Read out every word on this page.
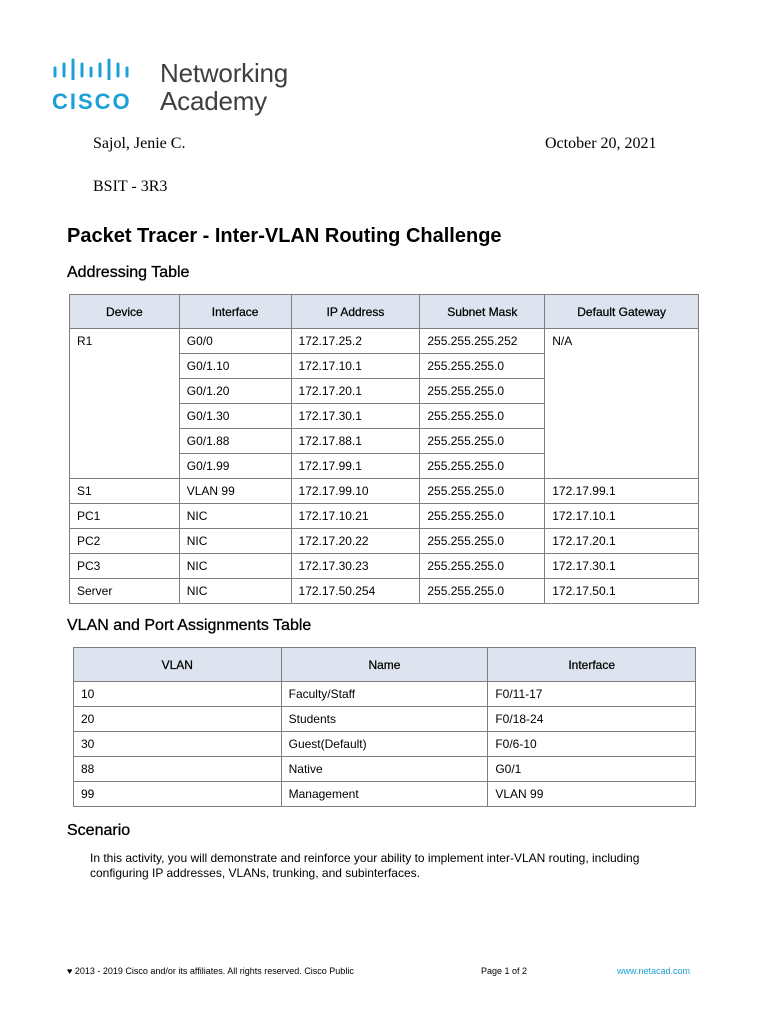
CISCO
Networking
Academy
Sajol, Jenie C.	October 20, 2021
BSIT - 3R3
Packet Tracer - Inter-VLAN Routing Challenge
Addressing Table
Device	Interface	IP Address	Subnet Mask	Default Gateway
R1	G0/0	172.17.25.2	255.255.255.252	N/A
	G0/1.10	172.17.10.1	255.255.255.0	
	G0/1.20	172.17.20.1	255.255.255.0	
	G0/1.30	172.17.30.1	255.255.255.0	
	G0/1.88	172.17.88.1	255.255.255.0	
	G0/1.99	172.17.99.1	255.255.255.0	
S1	VLAN 99	172.17.99.10	255.255.255.0	172.17.99.1
PC1	NIC	172.17.10.21	255.255.255.0	172.17.10.1
PC2	NIC	172.17.20.22	255.255.255.0	172.17.20.1
PC3	NIC	172.17.30.23	255.255.255.0	172.17.30.1
Server	NIC	172.17.50.254	255.255.255.0	172.17.50.1
VLAN and Port Assignments Table
VLAN	Name	Interface
10	Faculty/Staff	F0/11-17
20	Students	F0/18-24
30	Guest(Default)	F0/6-10
88	Native	G0/1
99	Management	VLAN 99
Scenario

In this activity, you will demonstrate and reinforce your ability to implement inter-VLAN routing, including configuring IP addresses, VLANs, trunking, and subinterfaces.

♥ 2013 - 2019 Cisco and/or its affiliates. All rights reserved. Cisco Public	Page 1 of 2	www.netacad.com
